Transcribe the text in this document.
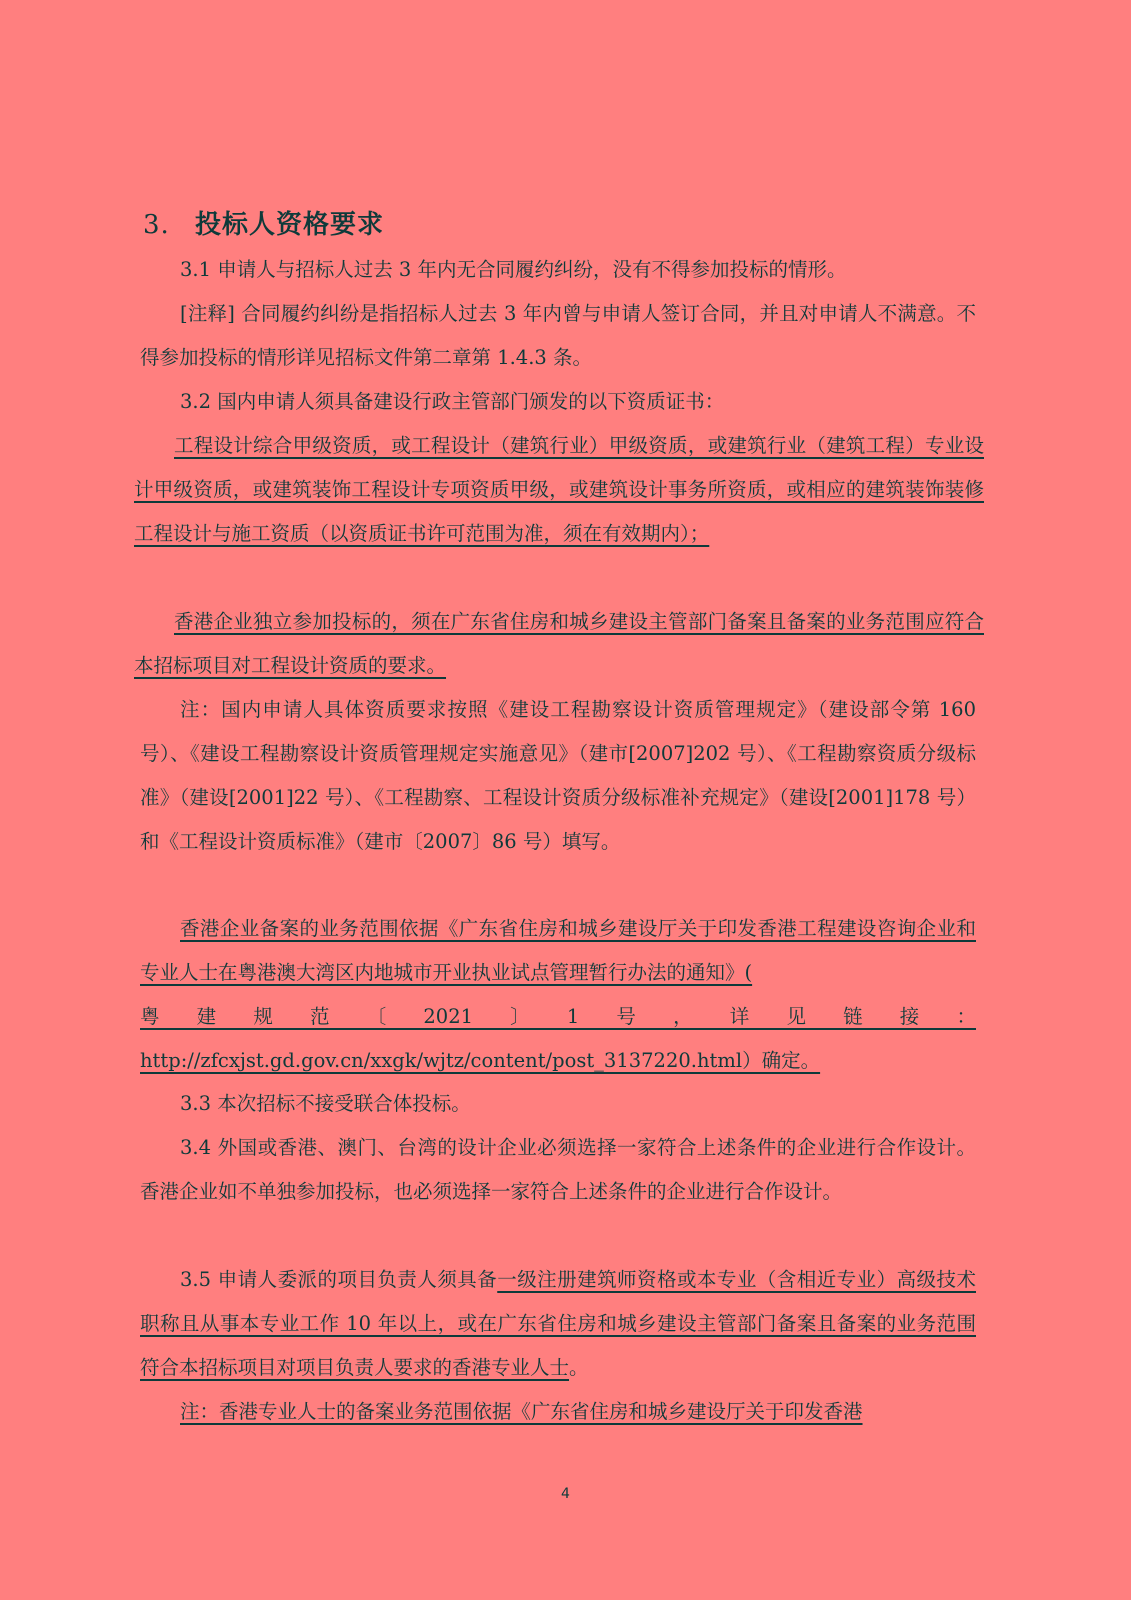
3. 投标人资格要求

3.1 申请人与招标人过去 3 年内无合同履约纠纷，没有不得参加投标的情形。

[注释] 合同履约纠纷是指招标人过去 3 年内曾与申请人签订合同，并且对申请人不满意。不得参加投标的情形详见招标文件第二章第 1.4.3 条。

3.2 国内申请人须具备建设行政主管部门颁发的以下资质证书：

工程设计综合甲级资质，或工程设计（建筑行业）甲级资质，或建筑行业（建筑工程）专业设计甲级资质，或建筑装饰工程设计专项资质甲级，或建筑设计事务所资质，或相应的建筑装饰装修工程设计与施工资质（以资质证书许可范围为准，须在有效期内）；

香港企业独立参加投标的，须在广东省住房和城乡建设主管部门备案且备案的业务范围应符合本招标项目对工程设计资质的要求。

注：国内申请人具体资质要求按照《建设工程勘察设计资质管理规定》（建设部令第 160 号）、《建设工程勘察设计资质管理规定实施意见》（建市[2007]202 号）、《工程勘察资质分级标准》（建设[2001]22 号）、《工程勘察、工程设计资质分级标准补充规定》（建设[2001]178 号）和《工程设计资质标准》（建市〔2007〕86 号）填写。

香港企业备案的业务范围依据《广东省住房和城乡建设厅关于印发香港工程建设咨询企业和专业人士在粤港澳大湾区内地城市开业执业试点管理暂行办法的通知》(

粤建规范〔2021〕1号，详见链接：

http://zfcxjst.gd.gov.cn/xxgk/wjtz/content/post_3137220.html）确定。

3.3 本次招标不接受联合体投标。

3.4 外国或香港、澳门、台湾的设计企业必须选择一家符合上述条件的企业进行合作设计。香港企业如不单独参加投标，也必须选择一家符合上述条件的企业进行合作设计。

3.5 申请人委派的项目负责人须具备一级注册建筑师资格或本专业（含相近专业）高级技术职称且从事本专业工作 10 年以上，或在广东省住房和城乡建设主管部门备案且备案的业务范围符合本招标项目对项目负责人要求的香港专业人士。

注：香港专业人士的备案业务范围依据《广东省住房和城乡建设厅关于印发香港

4
